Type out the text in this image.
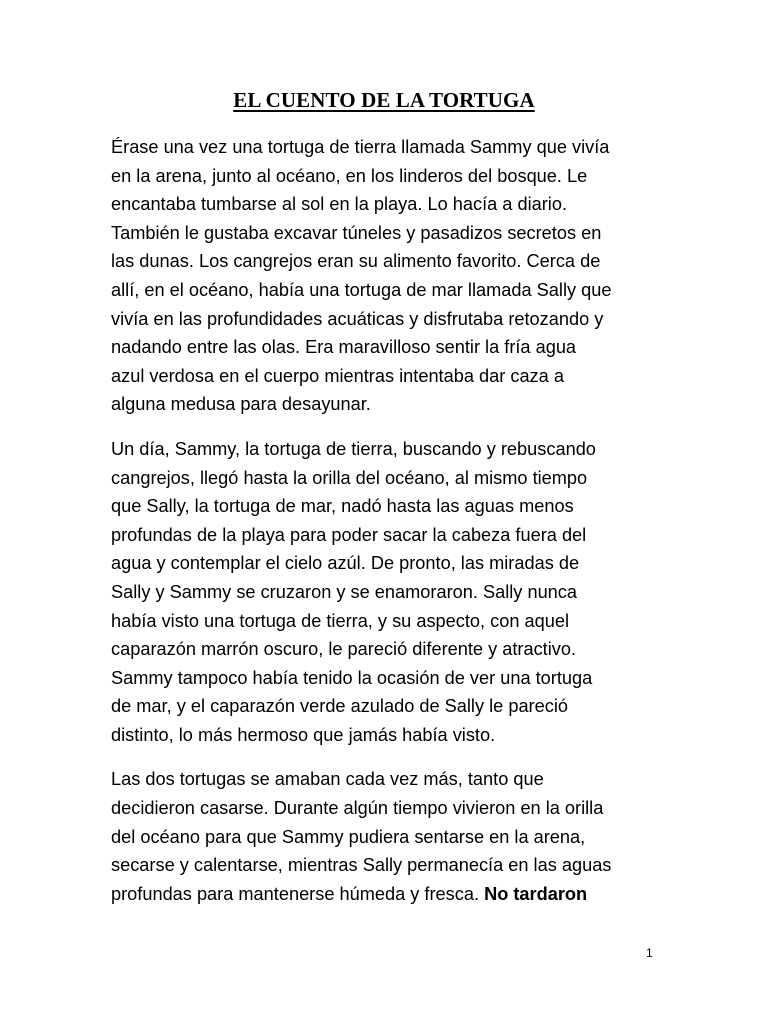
EL CUENTO DE LA TORTUGA

Érase una vez una tortuga de tierra llamada Sammy que vivía
en la arena, junto al océano, en los linderos del bosque. Le
encantaba tumbarse al sol en la playa. Lo hacía a diario.
También le gustaba excavar túneles y pasadizos secretos en
las dunas. Los cangrejos eran su alimento favorito. Cerca de
allí, en el océano, había una tortuga de mar llamada Sally que
vivía en las profundidades acuáticas y disfrutaba retozando y
nadando entre las olas. Era maravilloso sentir la fría agua
azul verdosa en el cuerpo mientras intentaba dar caza a
alguna medusa para desayunar.

Un día, Sammy, la tortuga de tierra, buscando y rebuscando
cangrejos, llegó hasta la orilla del océano, al mismo tiempo
que Sally, la tortuga de mar, nadó hasta las aguas menos
profundas de la playa para poder sacar la cabeza fuera del
agua y contemplar el cielo azúl. De pronto, las miradas de
Sally y Sammy se cruzaron y se enamoraron. Sally nunca
había visto una tortuga de tierra, y su aspecto, con aquel
caparazón marrón oscuro, le pareció diferente y atractivo.
Sammy tampoco había tenido la ocasión de ver una tortuga
de mar, y el caparazón verde azulado de Sally le pareció
distinto, lo más hermoso que jamás había visto.

Las dos tortugas se amaban cada vez más, tanto que
decidieron casarse. Durante algún tiempo vivieron en la orilla
del océano para que Sammy pudiera sentarse en la arena,
secarse y calentarse, mientras Sally permanecía en las aguas
profundas para mantenerse húmeda y fresca. No tardaron

1
